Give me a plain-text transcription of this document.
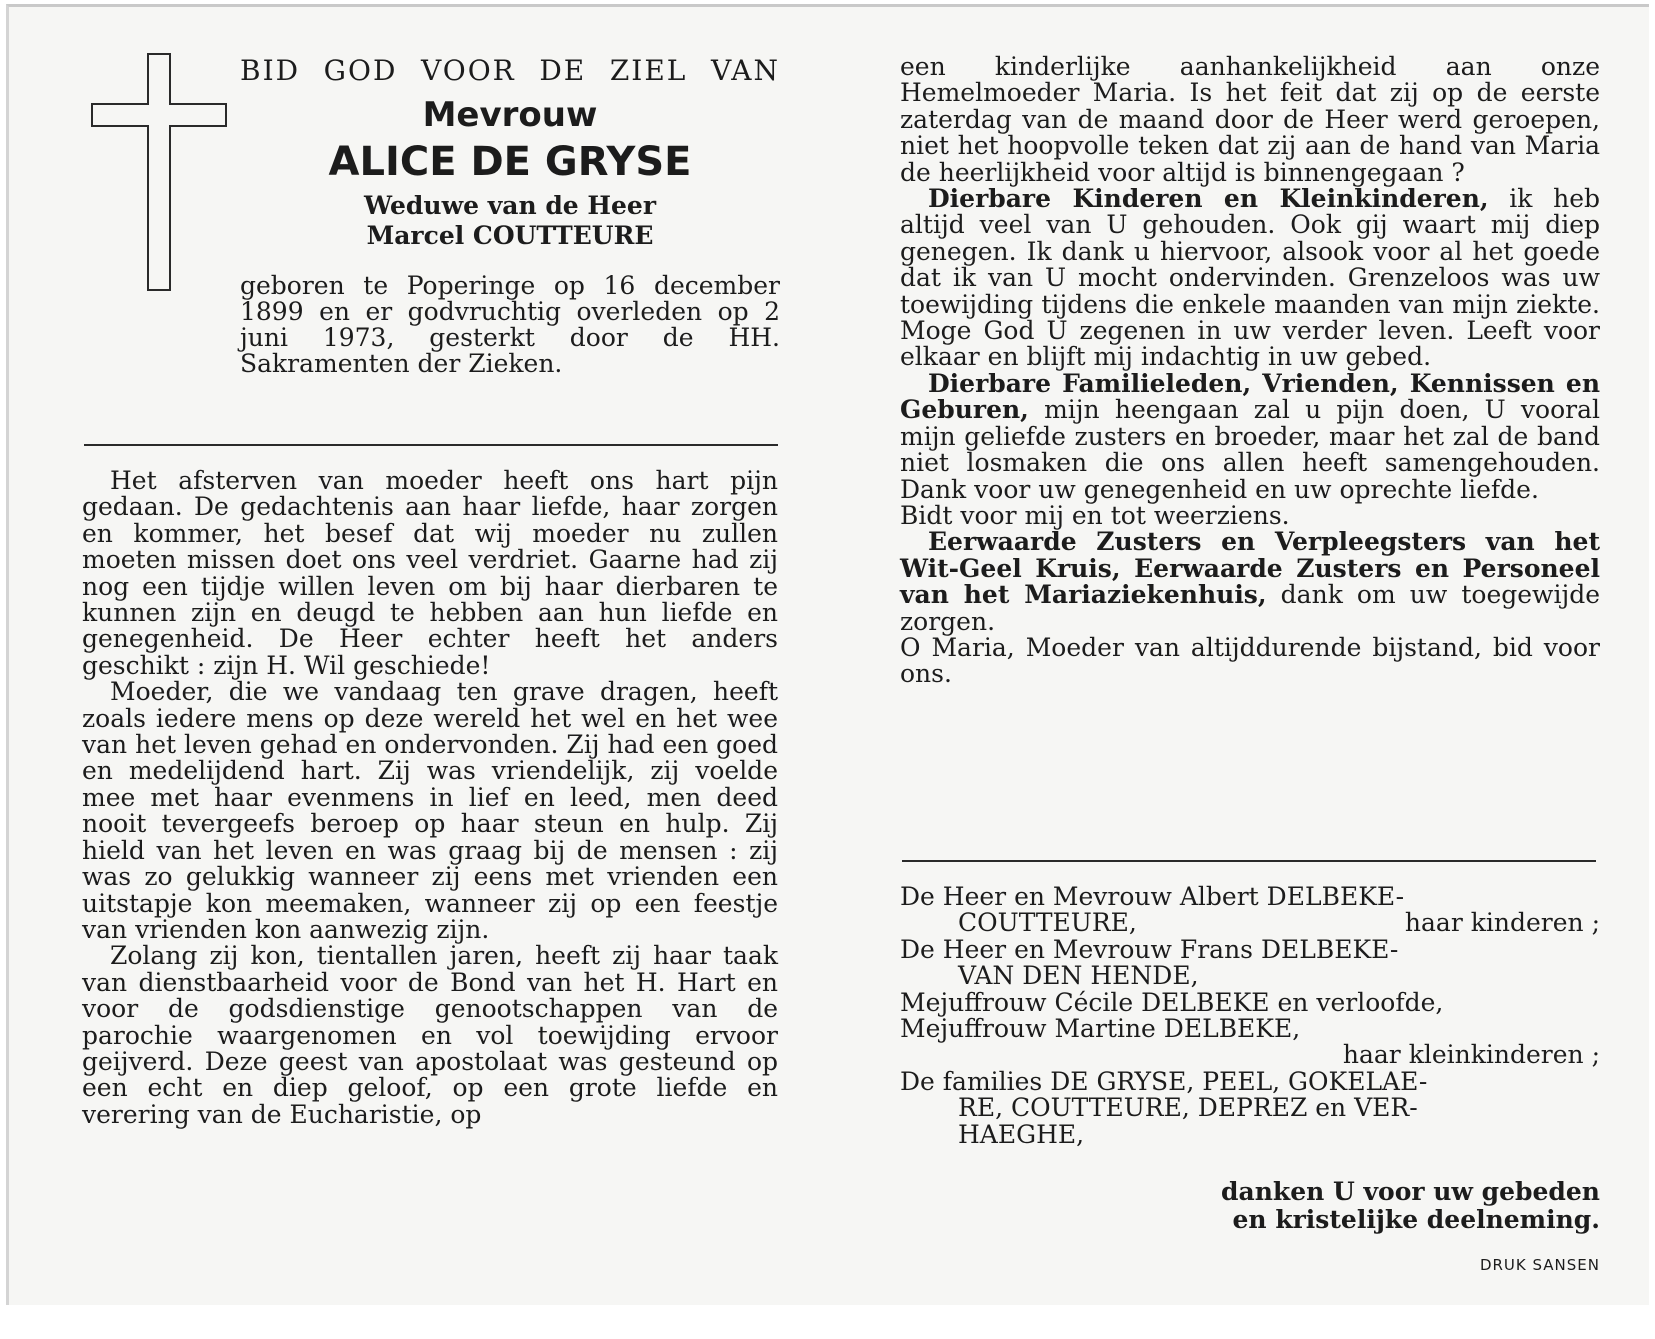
BID GOD VOOR DE ZIEL VAN

Mevrouw
ALICE DE GRYSE
Weduwe van de Heer
Marcel COUTTEURE

geboren te Poperinge op 16 december 1899 en er godvruchtig overleden op 2 juni 1973, gesterkt door de HH. Sakramenten der Zieken.

Het afsterven van moeder heeft ons hart pijn gedaan. De gedachtenis aan haar liefde, haar zorgen en kommer, het besef dat wij moeder nu zullen moeten missen doet ons veel verdriet. Gaarne had zij nog een tijdje willen leven om bij haar dierbaren te kunnen zijn en deugd te hebben aan hun liefde en genegenheid. De Heer echter heeft het anders geschikt : zijn H. Wil geschiede!

Moeder, die we vandaag ten grave dragen, heeft zoals iedere mens op deze wereld het wel en het wee van het leven gehad en ondervonden. Zij had een goed en medelijdend hart. Zij was vriendelijk, zij voelde mee met haar evenmens in lief en leed, men deed nooit tevergeefs beroep op haar steun en hulp. Zij hield van het leven en was graag bij de mensen : zij was zo gelukkig wanneer zij eens met vrienden een uitstapje kon meemaken, wanneer zij op een feestje van vrienden kon aanwezig zijn.

Zolang zij kon, tientallen jaren, heeft zij haar taak van dienstbaarheid voor de Bond van het H. Hart en voor de godsdienstige genootschappen van de parochie waargenomen en vol toewijding ervoor geijverd. Deze geest van apostolaat was gesteund op een echt en diep geloof, op een grote liefde en verering van de Eucharistie, op

een kinderlijke aanhankelijkheid aan onze Hemelmoeder Maria. Is het feit dat zij op de eerste zaterdag van de maand door de Heer werd geroepen, niet het hoopvolle teken dat zij aan de hand van Maria de heerlijkheid voor altijd is binnengegaan ?

Dierbare Kinderen en Kleinkinderen, ik heb altijd veel van U gehouden. Ook gij waart mij diep genegen. Ik dank u hiervoor, alsook voor al het goede dat ik van U mocht ondervinden. Grenzeloos was uw toewijding tijdens die enkele maanden van mijn ziekte. Moge God U zegenen in uw verder leven. Leeft voor elkaar en blijft mij indachtig in uw gebed.

Dierbare Familieleden, Vrienden, Kennissen en Geburen, mijn heengaan zal u pijn doen, U vooral mijn geliefde zusters en broeder, maar het zal de band niet losmaken die ons allen heeft samengehouden. Dank voor uw genegenheid en uw oprechte liefde.

Bidt voor mij en tot weerziens.

Eerwaarde Zusters en Verpleegsters van het Wit-Geel Kruis, Eerwaarde Zusters en Personeel van het Mariaziekenhuis, dank om uw toegewijde zorgen.

O Maria, Moeder van altijddurende bijstand, bid voor ons.

De Heer en Mevrouw Albert DELBEKE-

COUTTEURE,	haar kinderen ;

De Heer en Mevrouw Frans DELBEKE-

VAN DEN HENDE,

Mejuffrouw Cécile DELBEKE en verloofde,

Mejuffrouw Martine DELBEKE,

haar kleinkinderen ;

De families DE GRYSE, PEEL, GOKELAE-

RE, COUTTEURE, DEPREZ en VER-

HAEGHE,

danken U voor uw gebeden
en kristelijke deelneming.
DRUK SANSEN
